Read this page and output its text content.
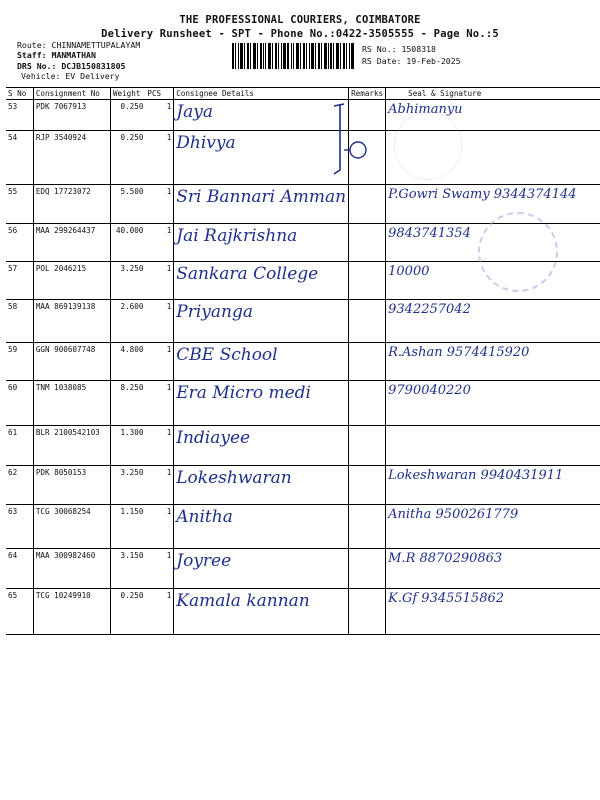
THE PROFESSIONAL COURIERS, COIMBATORE
Delivery Runsheet - SPT - Phone No.:0422-3505555 - Page No.:5
Route: CHINNAMETTUPALAYAM
Staff: MANMATHAN
DRS No.: DCJB150831805
Vehicle: EV Delivery
RS No.: 1508318
RS Date: 19-Feb-2025
S No	Consignment No	Weight	PCS	Consignee Details	Remarks	Seal & Signature
53	PDK 7067913	0.250	1	Jaya		Abhimanyu
54	RJP 3540924	0.250	1	Dhivya		
55	EDQ 17723072	5.500	1	Sri Bannari Amman		P.Gowri Swamy 9344374144
56	MAA 299264437	40.000	1	Jai Rajkrishna		9843741354
57	POL 2046215	3.250	1	Sankara College		10000
58	MAA 869139138	2.600	1	Priyanga		9342257042
59	GGN 900607748	4.800	1	CBE School		R.Ashan 9574415920
60	TNM 1038085	8.250	1	Era Micro medi		9790040220
61	BLR 2100542103	1.300	1	Indiayee		
62	PDK 8050153	3.250	1	Lokeshwaran		Lokeshwaran 9940431911
63	TCG 30068254	1.150	1	Anitha		Anitha 9500261779
64	MAA 300982460	3.150	1	Joyree		M.R 8870290863
65	TCG 10249910	0.250	1	Kamala kannan		K.Gf 9345515862
